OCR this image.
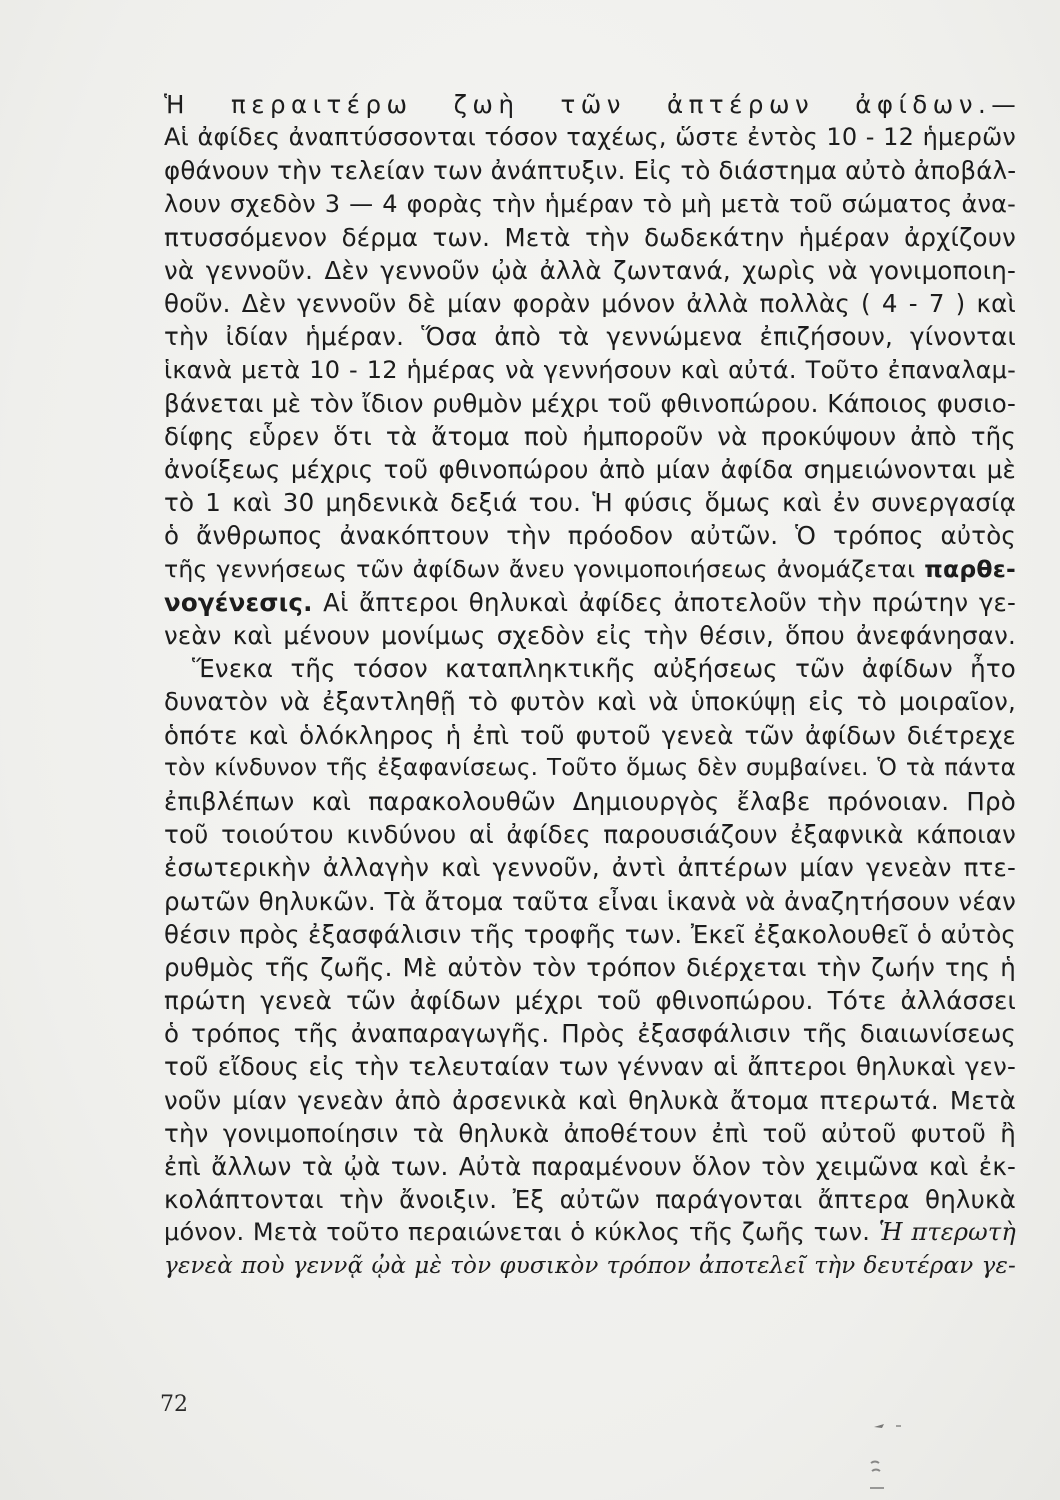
Ἡ περαιτέρω ζωὴ τῶν ἀπτέρων ἀφίδων.—
Αἱ ἀφίδες ἀναπτύσσονται τόσον ταχέως, ὥστε ἐντὸς 10 - 12 ἡμερῶν
φθάνουν τὴν τελείαν των ἀνάπτυξιν. Εἰς τὸ διάστημα αὐτὸ ἀποβάλ-
λουν σχεδὸν 3 — 4 φορὰς τὴν ἡμέραν τὸ μὴ μετὰ τοῦ σώματος ἀνα-
πτυσσόμενον δέρμα των. Μετὰ τὴν δωδεκάτην ἡμέραν ἀρχίζουν
νὰ γεννοῦν. Δὲν γεννοῦν ᾠὰ ἀλλὰ ζωντανά, χωρὶς νὰ γονιμοποιη-
θοῦν. Δὲν γεννοῦν δὲ μίαν φορὰν μόνον ἀλλὰ πολλὰς ( 4 - 7 ) καὶ
τὴν ἰδίαν ἡμέραν. Ὅσα ἀπὸ τὰ γεννώμενα ἐπιζήσουν, γίνονται
ἱκανὰ μετὰ 10 - 12 ἡμέρας νὰ γεννήσουν καὶ αὐτά. Τοῦτο ἐπαναλαμ-
βάνεται μὲ τὸν ἴδιον ρυθμὸν μέχρι τοῦ φθινοπώρου. Κάποιος φυσιο-
δίφης εὗρεν ὅτι τὰ ἄτομα ποὺ ἠμποροῦν νὰ προκύψουν ἀπὸ τῆς
ἀνοίξεως μέχρις τοῦ φθινοπώρου ἀπὸ μίαν ἀφίδα σημειώνονται μὲ
τὸ 1 καὶ 30 μηδενικὰ δεξιά του. Ἡ φύσις ὅμως καὶ ἐν συνεργασίᾳ
ὁ ἄνθρωπος ἀνακόπτουν τὴν πρόοδον αὐτῶν. Ὁ τρόπος αὐτὸς
τῆς γεννήσεως τῶν ἀφίδων ἄνευ γονιμοποιήσεως ἀνομάζεται παρθε-
νογένεσις. Αἱ ἄπτεροι θηλυκαὶ ἀφίδες ἀποτελοῦν τὴν πρώτην γε-
νεὰν καὶ μένουν μονίμως σχεδὸν εἰς τὴν θέσιν, ὅπου ἀνεφάνησαν.
Ἕνεκα τῆς τόσον καταπληκτικῆς αὐξήσεως τῶν ἀφίδων ἦτο
δυνατὸν νὰ ἐξαντληθῇ τὸ φυτὸν καὶ νὰ ὑποκύψῃ εἰς τὸ μοιραῖον,
ὁπότε καὶ ὁλόκληρος ἡ ἐπὶ τοῦ φυτοῦ γενεὰ τῶν ἀφίδων διέτρεχε
τὸν κίνδυνον τῆς ἐξαφανίσεως. Τοῦτο ὅμως δὲν συμβαίνει. Ὁ τὰ πάντα
ἐπιβλέπων καὶ παρακολουθῶν Δημιουργὸς ἔλαβε πρόνοιαν. Πρὸ
τοῦ τοιούτου κινδύνου αἱ ἀφίδες παρουσιάζουν ἐξαφνικὰ κάποιαν
ἐσωτερικὴν ἀλλαγὴν καὶ γεννοῦν, ἀντὶ ἀπτέρων μίαν γενεὰν πτε-
ρωτῶν θηλυκῶν. Τὰ ἄτομα ταῦτα εἶναι ἱκανὰ νὰ ἀναζητήσουν νέαν
θέσιν πρὸς ἐξασφάλισιν τῆς τροφῆς των. Ἐκεῖ ἐξακολουθεῖ ὁ αὐτὸς
ρυθμὸς τῆς ζωῆς. Μὲ αὐτὸν τὸν τρόπον διέρχεται τὴν ζωήν της ἡ
πρώτη γενεὰ τῶν ἀφίδων μέχρι τοῦ φθινοπώρου. Τότε ἀλλάσσει
ὁ τρόπος τῆς ἀναπαραγωγῆς. Πρὸς ἐξασφάλισιν τῆς διαιωνίσεως
τοῦ εἴδους εἰς τὴν τελευταίαν των γένναν αἱ ἄπτεροι θηλυκαὶ γεν-
νοῦν μίαν γενεὰν ἀπὸ ἀρσενικὰ καὶ θηλυκὰ ἄτομα πτερωτά. Μετὰ
τὴν γονιμοποίησιν τὰ θηλυκὰ ἀποθέτουν ἐπὶ τοῦ αὐτοῦ φυτοῦ ἢ
ἐπὶ ἄλλων τὰ ᾠὰ των. Αὐτὰ παραμένουν ὅλον τὸν χειμῶνα καὶ ἐκ-
κολάπτονται τὴν ἄνοιξιν. Ἐξ αὐτῶν παράγονται ἄπτερα θηλυκὰ
μόνον. Μετὰ τοῦτο περαιώνεται ὁ κύκλος τῆς ζωῆς των. Ἡ πτερωτὴ
γενεὰ ποὺ γεννᾷ ᾠὰ μὲ τὸν φυσικὸν τρόπον ἀποτελεῖ τὴν δευτέραν γε-
72
